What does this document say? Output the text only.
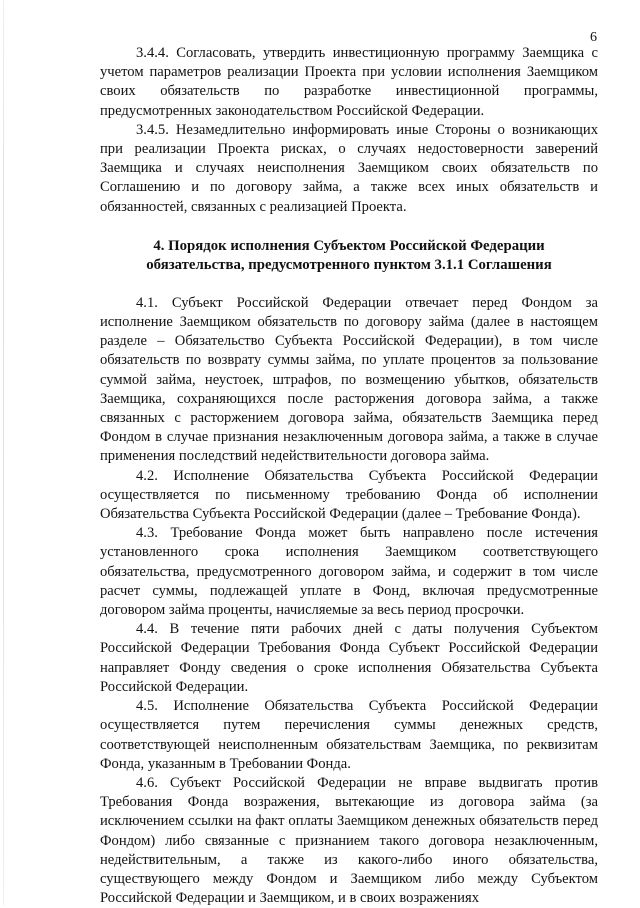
6

3.4.4. Согласовать, утвердить инвестиционную программу Заемщика с учетом параметров реализации Проекта при условии исполнения Заемщиком своих обязательств по разработке инвестиционной программы, предусмотренных законодательством Российской Федерации.

3.4.5. Незамедлительно информировать иные Стороны о возникающих при реализации Проекта рисках, о случаях недостоверности заверений Заемщика и случаях неисполнения Заемщиком своих обязательств по Соглашению и по договору займа, а также всех иных обязательств и обязанностей, связанных с реализацией Проекта.

4. Порядок исполнения Субъектом Российской Федерации
обязательства, предусмотренного пунктом 3.1.1 Соглашения

4.1. Субъект Российской Федерации отвечает перед Фондом за исполнение Заемщиком обязательств по договору займа (далее в настоящем разделе – Обязательство Субъекта Российской Федерации), в том числе обязательств по возврату суммы займа, по уплате процентов за пользование суммой займа, неустоек, штрафов, по возмещению убытков, обязательств Заемщика, сохраняющихся после расторжения договора займа, а также связанных с расторжением договора займа, обязательств Заемщика перед Фондом в случае признания незаключенным договора займа, а также в случае применения последствий недействительности договора займа.

4.2. Исполнение Обязательства Субъекта Российской Федерации осуществляется по письменному требованию Фонда об исполнении Обязательства Субъекта Российской Федерации (далее – Требование Фонда).

4.3. Требование Фонда может быть направлено после истечения установленного срока исполнения Заемщиком соответствующего обязательства, предусмотренного договором займа, и содержит в том числе расчет суммы, подлежащей уплате в Фонд, включая предусмотренные договором займа проценты, начисляемые за весь период просрочки.

4.4. В течение пяти рабочих дней с даты получения Субъектом Российской Федерации Требования Фонда Субъект Российской Федерации направляет Фонду сведения о сроке исполнения Обязательства Субъекта Российской Федерации.

4.5. Исполнение Обязательства Субъекта Российской Федерации осуществляется путем перечисления суммы денежных средств, соответствующей неисполненным обязательствам Заемщика, по реквизитам Фонда, указанным в Требовании Фонда.

4.6. Субъект Российской Федерации не вправе выдвигать против Требования Фонда возражения, вытекающие из договора займа (за исключением ссылки на факт оплаты Заемщиком денежных обязательств перед Фондом) либо связанные с признанием такого договора незаключенным, недействительным, а также из какого-либо иного обязательства, существующего между Фондом и Заемщиком либо между Субъектом Российской Федерации и Заемщиком, и в своих возражениях
